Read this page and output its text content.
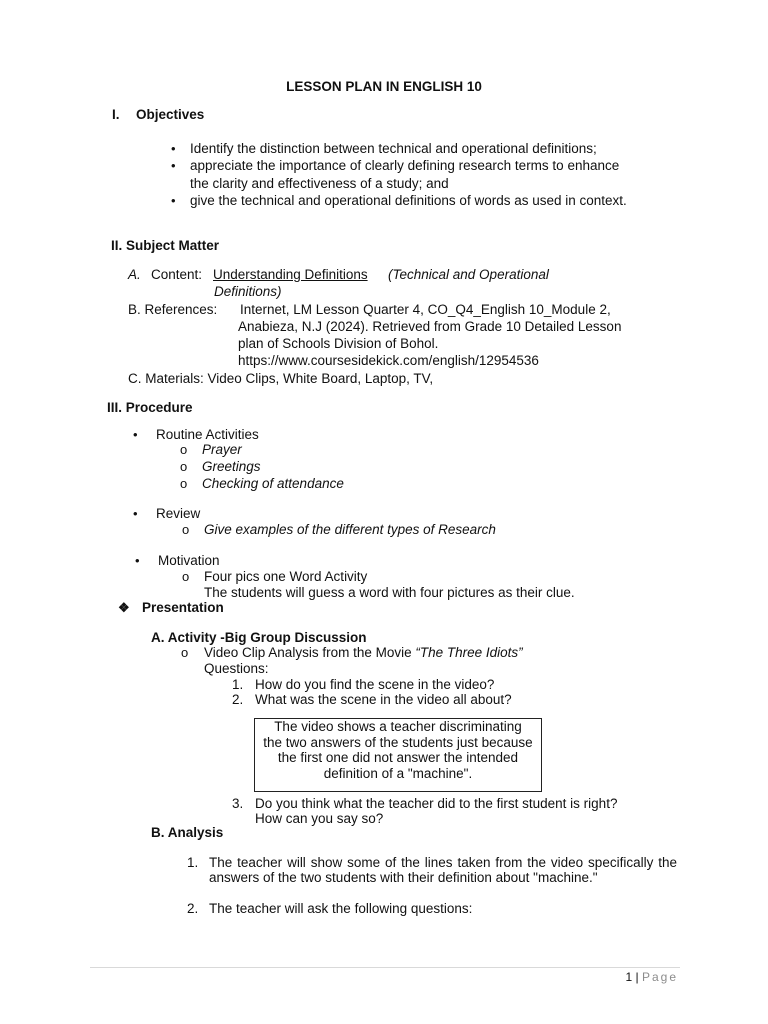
LESSON PLAN IN ENGLISH 10
I. Objectives
• Identify the distinction between technical and operational definitions;
• appreciate the importance of clearly defining research terms to enhance
the clarity and effectiveness of a study; and
• give the technical and operational definitions of words as used in context.
II. Subject Matter
A. Content: Understanding Definitions (Technical and Operational
Definitions)
B. References: Internet, LM Lesson Quarter 4, CO_Q4_English 10_Module 2,
Anabieza, N.J (2024). Retrieved from Grade 10 Detailed Lesson
plan of Schools Division of Bohol.
https://www.coursesidekick.com/english/12954536
C. Materials: Video Clips, White Board, Laptop, TV,
III. Procedure
• Routine Activities
o Prayer
o Greetings
o Checking of attendance
• Review
o Give examples of the different types of Research
• Motivation
o Four pics one Word Activity
The students will guess a word with four pictures as their clue.
❖ Presentation
A. Activity -Big Group Discussion
o Video Clip Analysis from the Movie “The Three Idiots”
Questions:
1. How do you find the scene in the video?
2. What was the scene in the video all about?
The video shows a teacher discriminating the two answers of the students just because the first one did not answer the intended definition of a "machine".
3. Do you think what the teacher did to the first student is right?
How can you say so?
B. Analysis
1. The teacher will show some of the lines taken from the video specifically the answers of the two students with their definition about "machine."
2. The teacher will ask the following questions:
1 | Page
